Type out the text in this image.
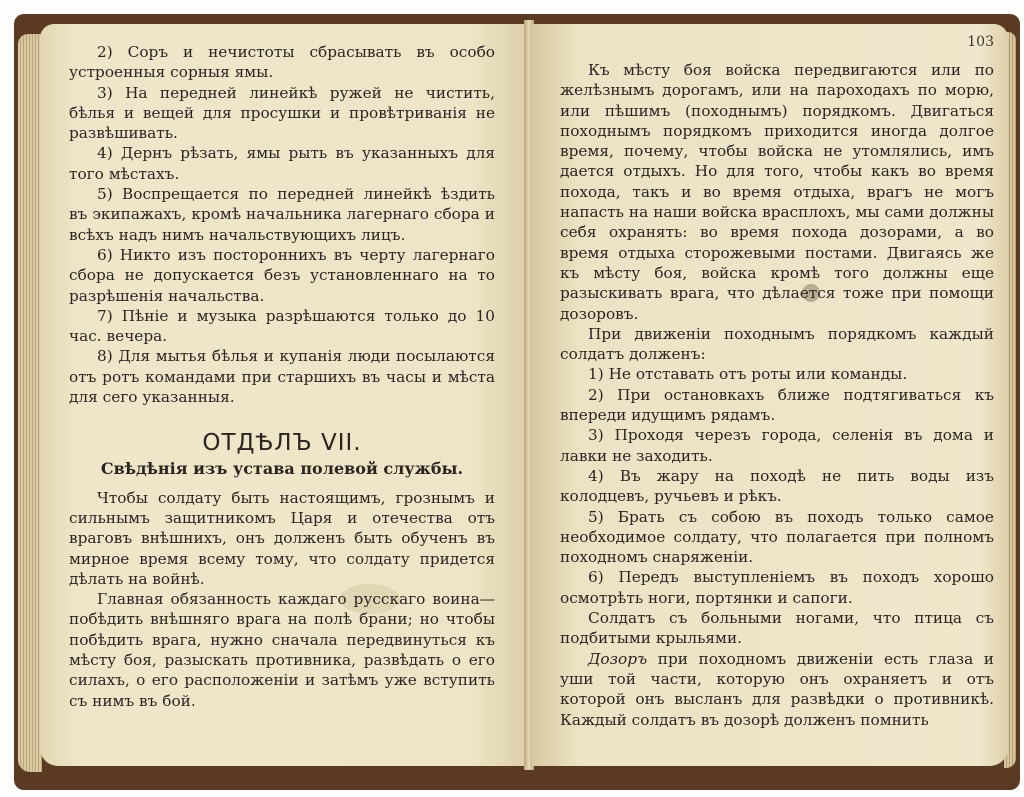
2) Соръ и нечистоты сбрасывать въ особо устроенныя сорныя ямы.

3) На передней линейкѣ ружей не чистить, бѣлья и вещей для просушки и провѣтриванія не развѣшивать.

4) Дернъ рѣзать, ямы рыть въ указанныхъ для того мѣстахъ.

5) Воспрещается по передней линейкѣ ѣздить въ экипажахъ, кромѣ начальника лагернаго сбора и всѣхъ надъ нимъ начальствующихъ лицъ.

6) Никто изъ постороннихъ въ черту лагернаго сбора не допускается безъ установленнаго на то разрѣшенія начальства.

7) Пѣніе и музыка разрѣшаются только до 10 час. вечера.

8) Для мытья бѣлья и купанія люди посылаются отъ ротъ командами при старшихъ въ часы и мѣста для сего указанныя.

ОТДѢЛЪ VII.

Свѣдѣнія изъ устава полевой службы.

Чтобы солдату быть настоящимъ, грознымъ и сильнымъ защитникомъ Царя и отечества отъ враговъ внѣшнихъ, онъ долженъ быть обученъ въ мирное время всему тому, что солдату придется дѣлать на войнѣ.

Главная обязанность каждаго русскаго воина— побѣдить внѣшняго врага на полѣ брани; но чтобы побѣдить врага, нужно сначала передвинуться къ мѣсту боя, разыскать противника, развѣдать о его силахъ, о его расположеніи и затѣмъ уже вступить съ нимъ въ бой.

103

Къ мѣсту боя войска передвигаются или по желѣзнымъ дорогамъ, или на пароходахъ по морю, или пѣшимъ (походнымъ) порядкомъ. Двигаться походнымъ порядкомъ приходится иногда долгое время, почему, чтобы войска не утомлялись, имъ дается отдыхъ. Но для того, чтобы какъ во время похода, такъ и во время отдыха, врагъ не могъ напасть на наши войска врасплохъ, мы сами должны себя охранять: во время похода дозорами, а во время отдыха сторожевыми постами. Двигаясь же къ мѣсту боя, войска кромѣ того должны еще разыскивать врага, что дѣлается тоже при помощи дозоровъ.

При движеніи походнымъ порядкомъ каждый солдатъ долженъ:

1) Не отставать отъ роты или команды.

2) При остановкахъ ближе подтягиваться къ впереди идущимъ рядамъ.

3) Проходя черезъ города, селенія въ дома и лавки не заходить.

4) Въ жару на походѣ не пить воды изъ колодцевъ, ручьевъ и рѣкъ.

5) Брать съ собою въ походъ только самое необходимое солдату, что полагается при полномъ походномъ снаряженіи.

6) Передъ выступленіемъ въ походъ хорошо осмотрѣть ноги, портянки и сапоги.

Солдатъ съ больными ногами, что птица съ подбитыми крыльями.

Дозоръ при походномъ движеніи есть глаза и уши той части, которую онъ охраняетъ и отъ которой онъ высланъ для развѣдки о противникѣ. Каждый солдатъ въ дозорѣ долженъ помнить
